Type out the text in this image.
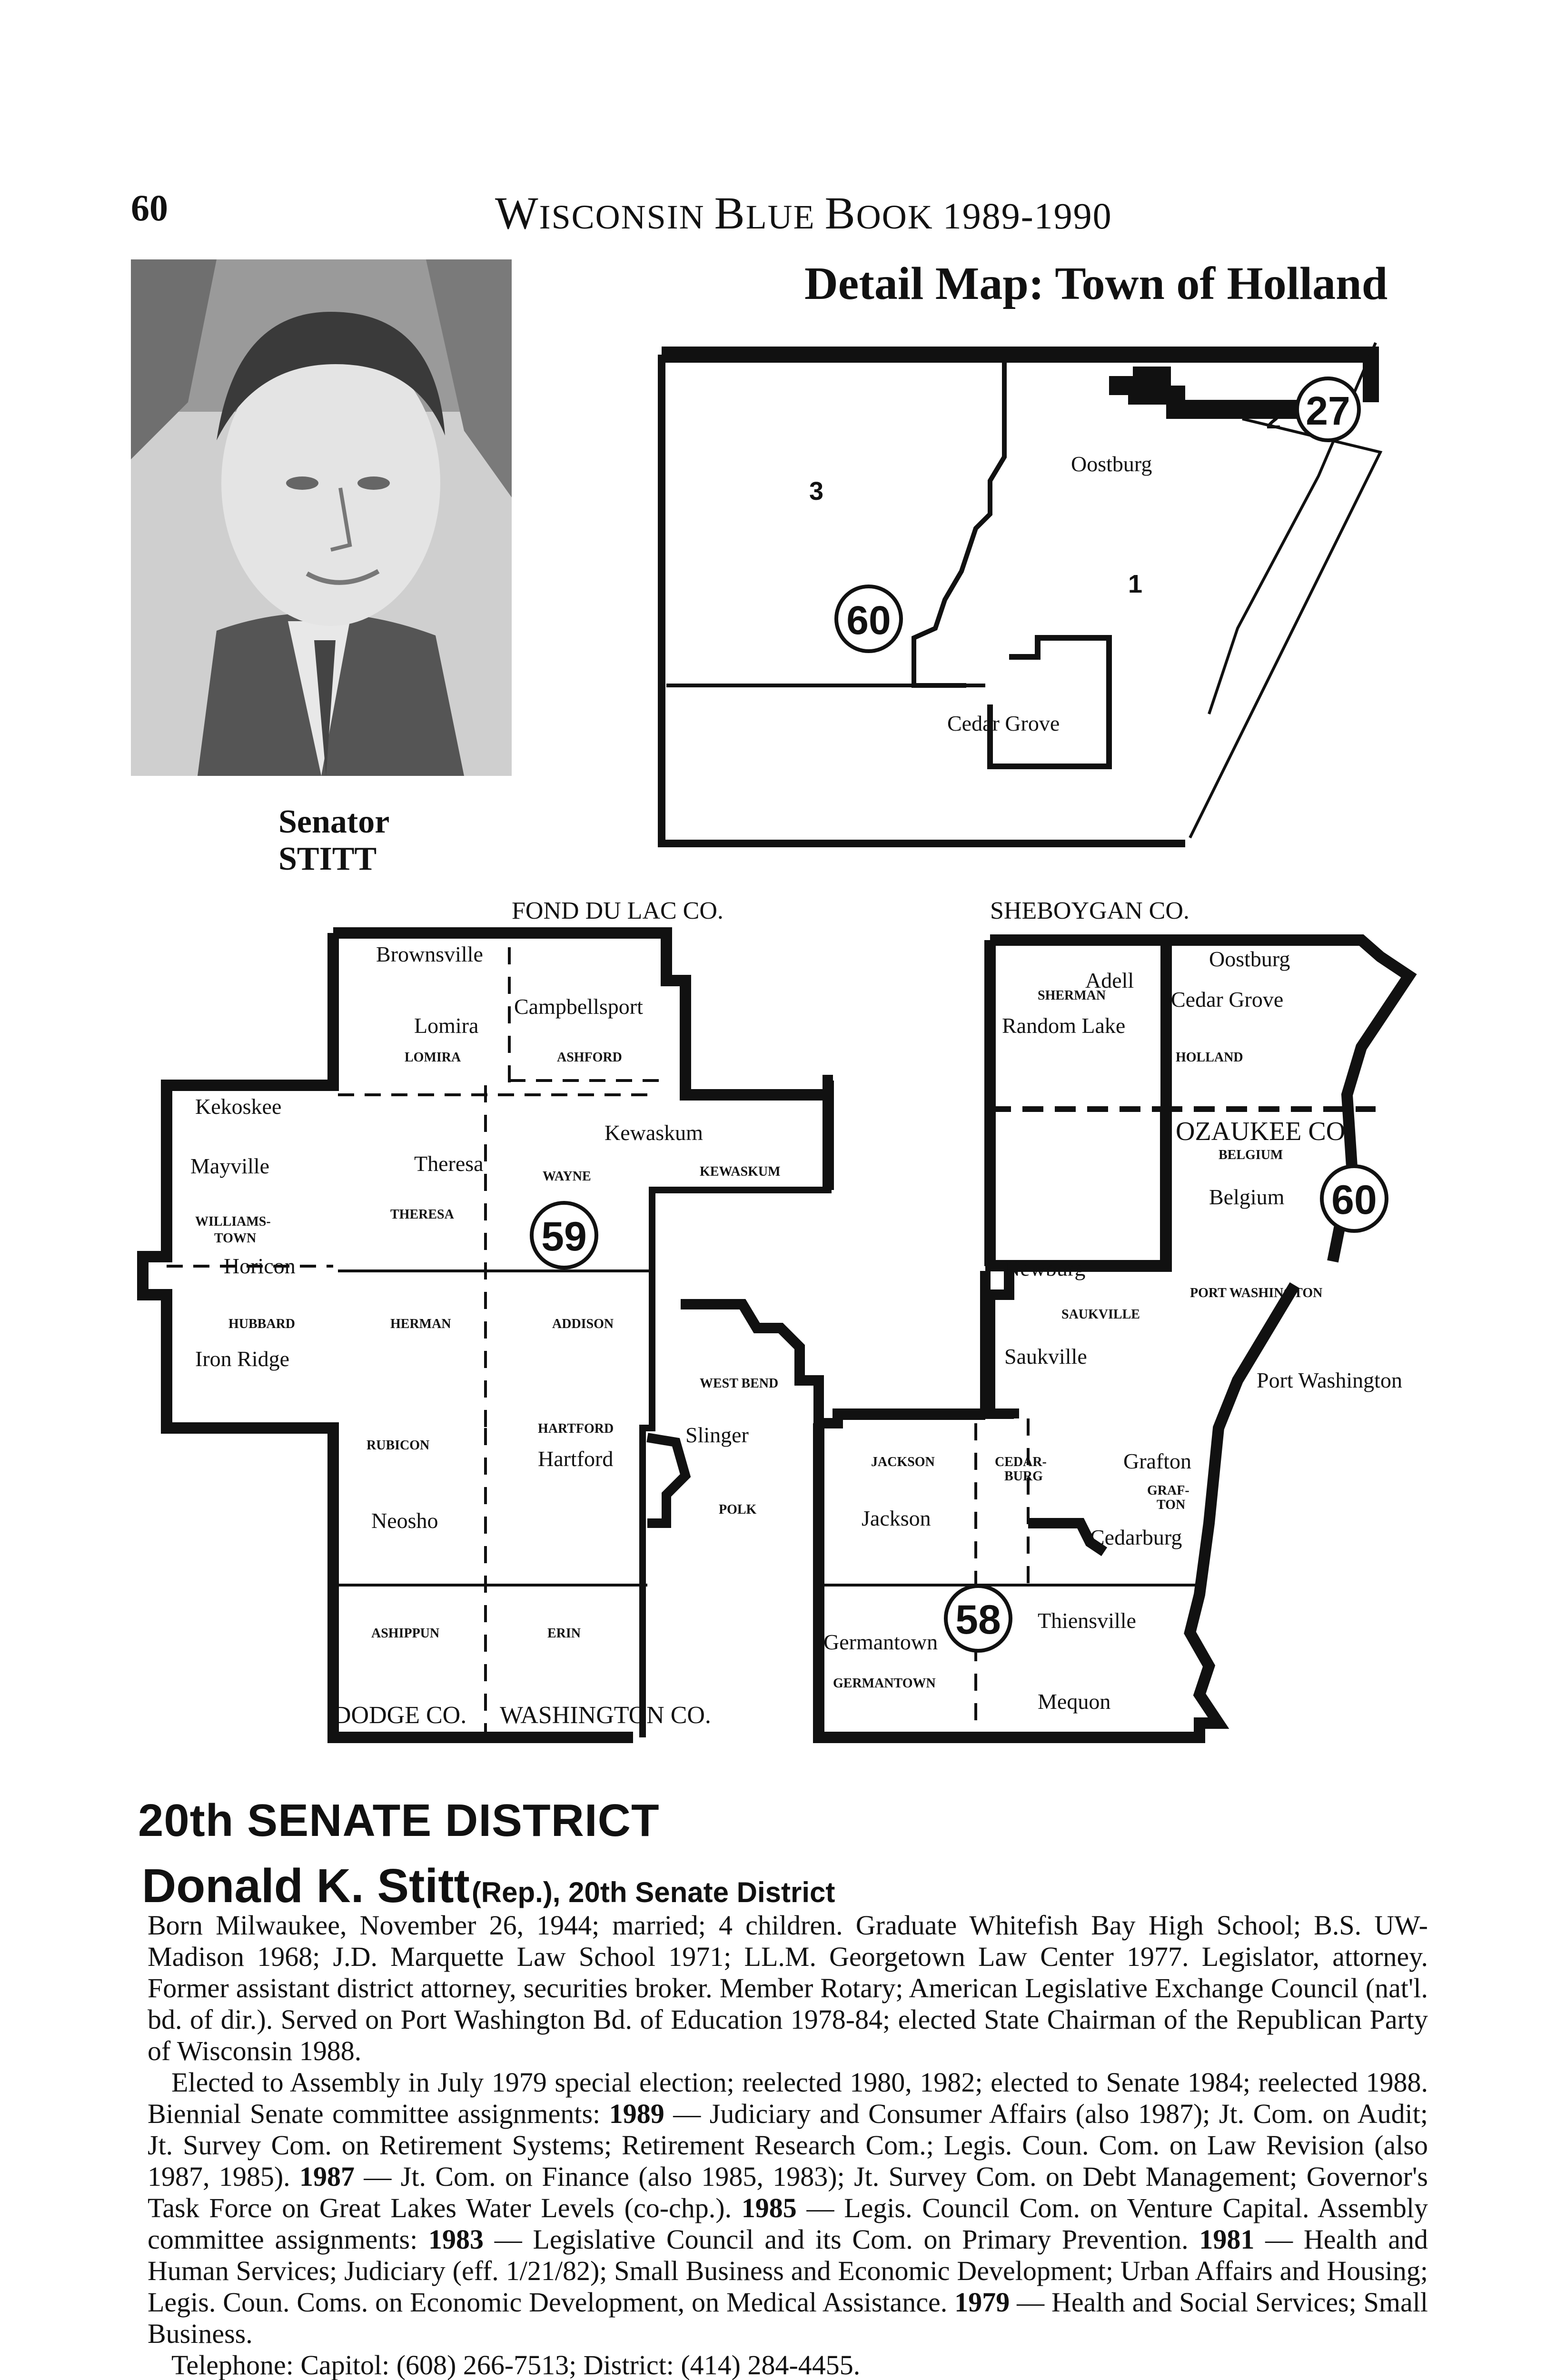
60	WISCONSIN BLUE BOOK 1989-1990
Senator
STITT
Detail Map: Town of Holland
3
1
2 27
60
Oostburg
Cedar Grove
FOND DU LAC CO.	SHEBOYGAN CO.
OZAUKEE CO.
DODGE CO. WASHINGTON CO.
59
60
58
Brownsville
Lomira
Campbellsport
Kekoskee
Theresa
Kewaskum
Mayville
Horicon
Iron Ridge
Neosho
Hartford
Slinger
Jackson
Germantown
Adell
Random Lake
Oostburg
Cedar Grove
Belgium
Newburg
Saukville
Port Washington
Grafton
Cedarburg
Thiensville
Mequon
LOMIRA	ASHFORD
WAYNE	KEWASKUM
WILLIAMS-
TOWN
THERESA
HUBBARD	HERMAN	ADDISON
WEST BEND
RUBICON
HARTFORD
POLK
JACKSON	CEDAR-
BURG
GRAF-
TON
ASHIPPUN	ERIN
GERMANTOWN
SHERMAN
HOLLAND
BELGIUM
SAUKVILLE
PORT WASHINGTON
20th SENATE DISTRICT
Donald K. Stitt (Rep.), 20th Senate District

Born Milwaukee, November 26, 1944; married; 4 children. Graduate Whitefish Bay High School; B.S. UW-Madison 1968; J.D. Marquette Law School 1971; LL.M. Georgetown Law Center 1977. Legislator, attorney. Former assistant district attorney, securities broker. Member Rotary; American Legislative Exchange Council (nat'l. bd. of dir.). Served on Port Washington Bd. of Education 1978-84; elected State Chairman of the Republican Party of Wisconsin 1988.

Elected to Assembly in July 1979 special election; reelected 1980, 1982; elected to Senate 1984; reelected 1988. Biennial Senate committee assignments: 1989 — Judiciary and Consumer Affairs (also 1987); Jt. Com. on Audit; Jt. Survey Com. on Retirement Systems; Retirement Research Com.; Legis. Coun. Com. on Law Revision (also 1987, 1985). 1987 — Jt. Com. on Finance (also 1985, 1983); Jt. Survey Com. on Debt Management; Governor's Task Force on Great Lakes Water Levels (co-chp.). 1985 — Legis. Council Com. on Venture Capital. Assembly committee assignments: 1983 — Legislative Council and its Com. on Primary Prevention. 1981 — Health and Human Services; Judiciary (eff. 1/21/82); Small Business and Economic Development; Urban Affairs and Housing; Legis. Coun. Coms. on Economic Development, on Medical Assistance. 1979 — Health and Social Services; Small Business.

Telephone: Capitol: (608) 266-7513; District: (414) 284-4455.
